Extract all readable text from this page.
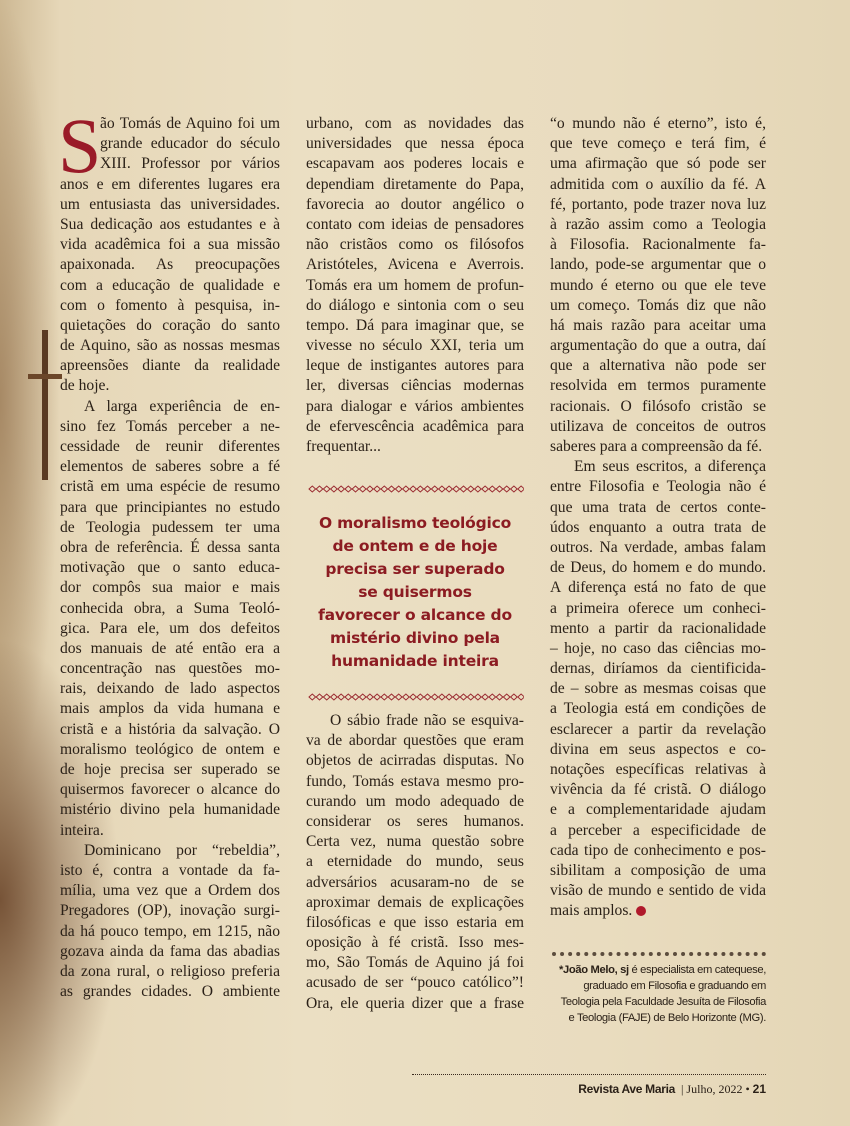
S
ão Tomás de Aquino foi um
grande educador do século
XIII. Professor por vários
anos e em diferentes lugares era
um entusiasta das universidades.
Sua dedicação aos estudantes e à
vida acadêmica foi a sua missão
apaixonada. As preocupações
com a educação de qualidade e
com o fomento à pesquisa, in-
quietações do coração do santo
de Aquino, são as nossas mesmas
apreensões diante da realidade
de hoje.
A larga experiência de en-
sino fez Tomás perceber a ne-
cessidade de reunir diferentes
elementos de saberes sobre a fé
cristã em uma espécie de resumo
para que principiantes no estudo
de Teologia pudessem ter uma
obra de referência. É dessa santa
motivação que o santo educa-
dor compôs sua maior e mais
conhecida obra, a Suma Teoló-
gica. Para ele, um dos defeitos
dos manuais de até então era a
concentração nas questões mo-
rais, deixando de lado aspectos
mais amplos da vida humana e
cristã e a história da salvação. O
moralismo teológico de ontem e
de hoje precisa ser superado se
quisermos favorecer o alcance do
mistério divino pela humanidade
inteira.
Dominicano por “rebeldia”,
isto é, contra a vontade da fa-
mília, uma vez que a Ordem dos
Pregadores (OP), inovação surgi-
da há pouco tempo, em 1215, não
gozava ainda da fama das abadias
da zona rural, o religioso preferia
as grandes cidades. O ambiente
urbano, com as novidades das
universidades que nessa época
escapavam aos poderes locais e
dependiam diretamente do Papa,
favorecia ao doutor angélico o
contato com ideias de pensadores
não cristãos como os filósofos
Aristóteles, Avicena e Averrois.
Tomás era um homem de profun-
do diálogo e sintonia com o seu
tempo. Dá para imaginar que, se
vivesse no século XXI, teria um
leque de instigantes autores para
ler, diversas ciências modernas
para dialogar e vários ambientes
de efervescência acadêmica para
frequentar...
O moralismo teológico
de ontem e de hoje
precisa ser superado
se quisermos
favorecer o alcance do
mistério divino pela
humanidade inteira
O sábio frade não se esquiva-
va de abordar questões que eram
objetos de acirradas disputas. No
fundo, Tomás estava mesmo pro-
curando um modo adequado de
considerar os seres humanos.
Certa vez, numa questão sobre
a eternidade do mundo, seus
adversários acusaram-no de se
aproximar demais de explicações
filosóficas e que isso estaria em
oposição à fé cristã. Isso mes-
mo, São Tomás de Aquino já foi
acusado de ser “pouco católico”!
Ora, ele queria dizer que a frase
“o mundo não é eterno”, isto é,
que teve começo e terá fim, é
uma afirmação que só pode ser
admitida com o auxílio da fé. A
fé, portanto, pode trazer nova luz
à razão assim como a Teologia
à Filosofia. Racionalmente fa-
lando, pode-se argumentar que o
mundo é eterno ou que ele teve
um começo. Tomás diz que não
há mais razão para aceitar uma
argumentação do que a outra, daí
que a alternativa não pode ser
resolvida em termos puramente
racionais. O filósofo cristão se
utilizava de conceitos de outros
saberes para a compreensão da fé.
Em seus escritos, a diferença
entre Filosofia e Teologia não é
que uma trata de certos conte-
údos enquanto a outra trata de
outros. Na verdade, ambas falam
de Deus, do homem e do mundo.
A diferença está no fato de que
a primeira oferece um conheci-
mento a partir da racionalidade
– hoje, no caso das ciências mo-
dernas, diríamos da cientificida-
de – sobre as mesmas coisas que
a Teologia está em condições de
esclarecer a partir da revelação
divina em seus aspectos e co-
notações específicas relativas à
vivência da fé cristã. O diálogo
e a complementaridade ajudam
a perceber a especificidade de
cada tipo de conhecimento e pos-
sibilitam a composição de uma
visão de mundo e sentido de vida
mais amplos.
*João Melo, sj é especialista em catequese,
graduado em Filosofia e graduando em
Teologia pela Faculdade Jesuíta de Filosofia
e Teologia (FAJE) de Belo Horizonte (MG).
Revista Ave Maria | Julho, 2022 • 21
